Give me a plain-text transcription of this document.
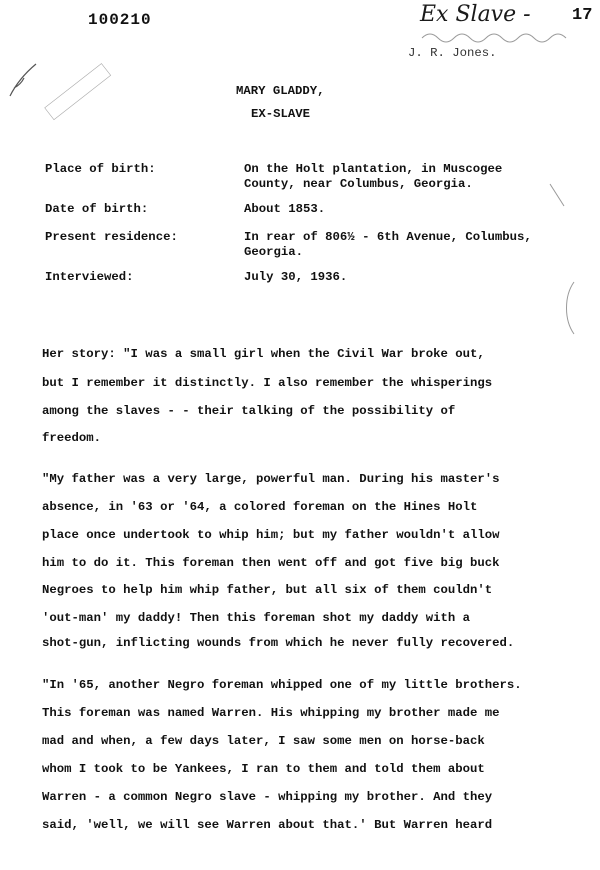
100210	Ex Slave - 17
J. R. Jones.
MARY GLADDY,
EX-SLAVE
Place of birth:	On the Holt plantation, in Muscogee
County, near Columbus, Georgia.
Date of birth:	About 1853.
Present residence:	In rear of 806½ - 6th Avenue, Columbus,
Georgia.
Interviewed:	July 30, 1936.
Her story: "I was a small girl when the Civil War broke out,
but I remember it distinctly. I also remember the whisperings
among the slaves - - their talking of the possibility of
freedom.
"My father was a very large, powerful man. During his master's
absence, in '63 or '64, a colored foreman on the Hines Holt
place once undertook to whip him; but my father wouldn't allow
him to do it. This foreman then went off and got five big buck
Negroes to help him whip father, but all six of them couldn't
'out-man' my daddy! Then this foreman shot my daddy with a
shot-gun, inflicting wounds from which he never fully recovered.
"In '65, another Negro foreman whipped one of my little brothers.
This foreman was named Warren. His whipping my brother made me
mad and when, a few days later, I saw some men on horse-back
whom I took to be Yankees, I ran to them and told them about
Warren - a common Negro slave - whipping my brother. And they
said, 'well, we will see Warren about that.' But Warren heard
